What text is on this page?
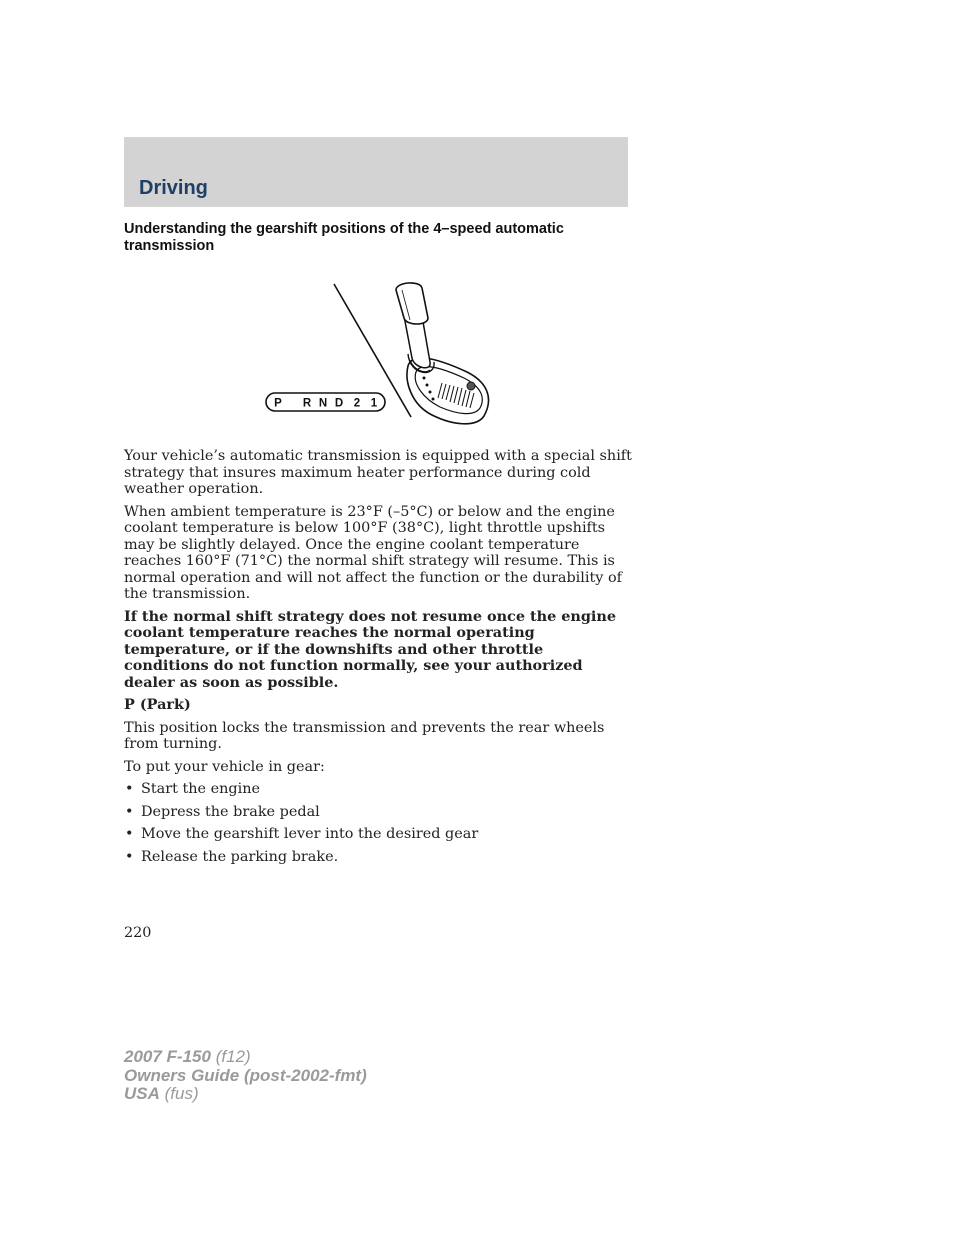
Driving
Understanding the gearshift positions of the 4–speed automatic transmission
P R N D 2 1

Your vehicle’s automatic transmission is equipped with a special shift strategy that insures maximum heater performance during cold weather operation.

When ambient temperature is 23°F (–5°C) or below and the engine coolant temperature is below 100°F (38°C), light throttle upshifts may be slightly delayed. Once the engine coolant temperature reaches 160°F (71°C) the normal shift strategy will resume. This is normal operation and will not affect the function or the durability of the transmission.

If the normal shift strategy does not resume once the engine coolant temperature reaches the normal operating temperature, or if the downshifts and other throttle conditions do not function normally, see your authorized dealer as soon as possible.

P (Park)

This position locks the transmission and prevents the rear wheels from turning.

To put your vehicle in gear:

• Start the engine
• Depress the brake pedal
• Move the gearshift lever into the desired gear
• Release the parking brake.
220
2007 F-150 (f12)
Owners Guide (post-2002-fmt)
USA (fus)
